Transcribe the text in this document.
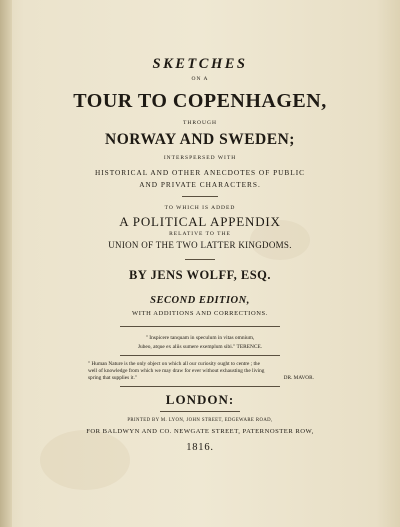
SKETCHES
ON A
TOUR TO COPENHAGEN,
THROUGH
NORWAY AND SWEDEN;
INTERSPERSED WITH
HISTORICAL AND OTHER ANECDOTES OF PUBLIC
AND PRIVATE CHARACTERS.
TO WHICH IS ADDED
A POLITICAL APPENDIX
RELATIVE TO THE
UNION OF THE TWO LATTER KINGDOMS.
BY JENS WOLFF, ESQ.
SECOND EDITION,
WITH ADDITIONS AND CORRECTIONS.
" Inspicere tanquam in speculum in vitas omnium,
Jubeo, atque ex aliis sumere exemplum sibi." TERENCE.
" Human Nature is the only object on which all our curiosity ought to centre ; the
well of knowledge from which we may draw for ever without exhausting the living
spring that supplies it."	DR. MAVOR.
LONDON:
PRINTED BY M. LYON, JOHN STREET, EDGEWARE ROAD,
FOR BALDWYN AND CO. NEWGATE STREET, PATERNOSTER ROW,
1816.
